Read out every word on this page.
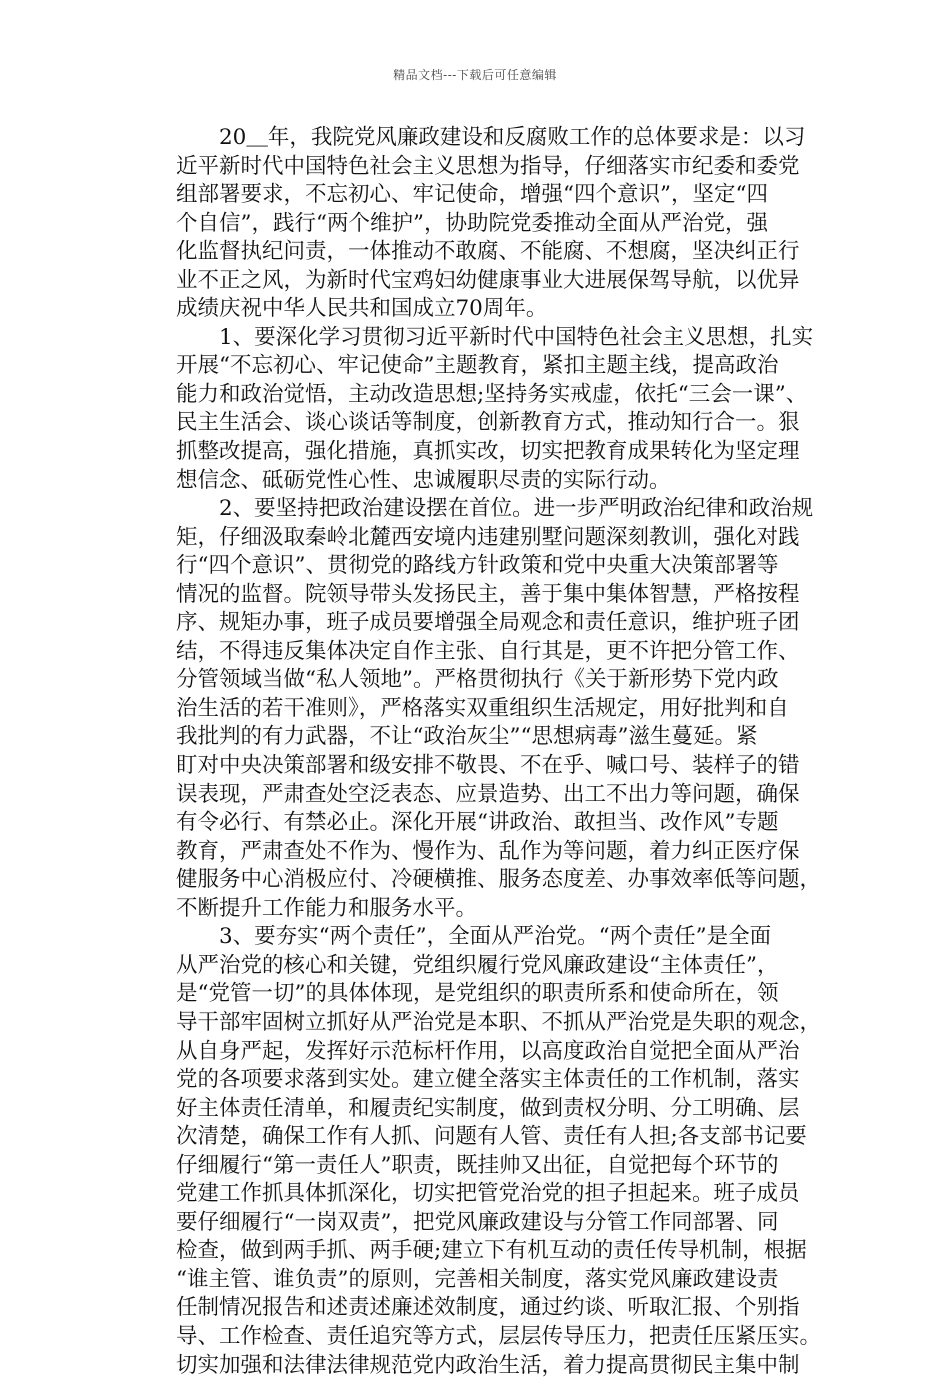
精品文档---下载后可任意编辑
　　20＿年，我院党风廉政建设和反腐败工作的总体要求是：以习
近平新时代中国特色社会主义思想为指导，仔细落实市纪委和委党
组部署要求，不忘初心、牢记使命，增强“四个意识”，坚定“四
个自信”，践行“两个维护”，协助院党委推动全面从严治党，强
化监督执纪问责，一体推动不敢腐、不能腐、不想腐，坚决纠正行
业不正之风，为新时代宝鸡妇幼健康事业大进展保驾导航，以优异
成绩庆祝中华人民共和国成立70周年。
　　1、要深化学习贯彻习近平新时代中国特色社会主义思想，扎实
开展“不忘初心、牢记使命”主题教育，紧扣主题主线，提高政治
能力和政治觉悟，主动改造思想;坚持务实戒虚，依托“三会一课”、
民主生活会、谈心谈话等制度，创新教育方式，推动知行合一。狠
抓整改提高，强化措施，真抓实改，切实把教育成果转化为坚定理
想信念、砥砺党性心性、忠诚履职尽责的实际行动。
　　2、要坚持把政治建设摆在首位。进一步严明政治纪律和政治规
矩，仔细汲取秦岭北麓西安境内违建别墅问题深刻教训，强化对践
行“四个意识”、贯彻党的路线方针政策和党中央重大决策部署等
情况的监督。院领导带头发扬民主，善于集中集体智慧，严格按程
序、规矩办事，班子成员要增强全局观念和责任意识，维护班子团
结，不得违反集体决定自作主张、自行其是，更不许把分管工作、
分管领域当做“私人领地”。严格贯彻执行《关于新形势下党内政
治生活的若干准则》，严格落实双重组织生活规定，用好批判和自
我批判的有力武器，不让“政治灰尘”“思想病毒”滋生蔓延。紧
盯对中央决策部署和级安排不敬畏、不在乎、喊口号、装样子的错
误表现，严肃查处空泛表态、应景造势、出工不出力等问题，确保
有令必行、有禁必止。深化开展“讲政治、敢担当、改作风”专题
教育，严肃查处不作为、慢作为、乱作为等问题，着力纠正医疗保
健服务中心消极应付、冷硬横推、服务态度差、办事效率低等问题，
不断提升工作能力和服务水平。
　　3、要夯实“两个责任”，全面从严治党。“两个责任”是全面
从严治党的核心和关键，党组织履行党风廉政建设“主体责任”，
是“党管一切”的具体体现，是党组织的职责所系和使命所在，领
导干部牢固树立抓好从严治党是本职、不抓从严治党是失职的观念，
从自身严起，发挥好示范标杆作用，以高度政治自觉把全面从严治
党的各项要求落到实处。建立健全落实主体责任的工作机制，落实
好主体责任清单，和履责纪实制度，做到责权分明、分工明确、层
次清楚，确保工作有人抓、问题有人管、责任有人担;各支部书记要
仔细履行“第一责任人”职责，既挂帅又出征，自觉把每个环节的
党建工作抓具体抓深化，切实把管党治党的担子担起来。班子成员
要仔细履行“一岗双责”，把党风廉政建设与分管工作同部署、同
检查，做到两手抓、两手硬;建立下有机互动的责任传导机制，根据
“谁主管、谁负责”的原则，完善相关制度，落实党风廉政建设责
任制情况报告和述责述廉述效制度，通过约谈、听取汇报、个别指
导、工作检查、责任追究等方式，层层传导压力，把责任压紧压实。
切实加强和法律法律规范党内政治生活，着力提高贯彻民主集中制
